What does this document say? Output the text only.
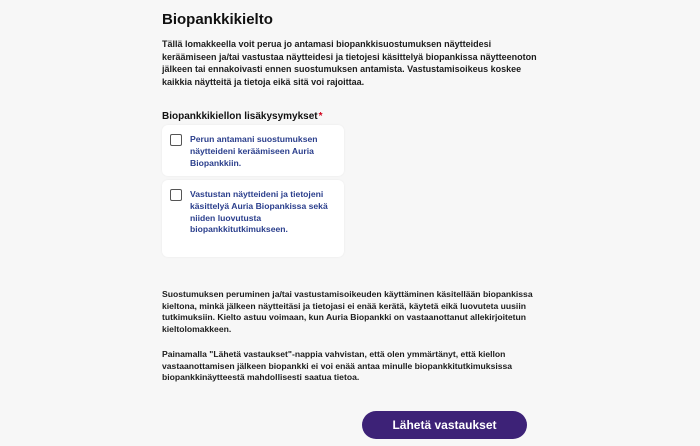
Biopankkikielto

Tällä lomakkeella voit perua jo antamasi biopankkisuostumuksen näytteidesi keräämiseen ja/tai vastustaa näytteidesi ja tietojesi käsittelyä biopankissa näytteenoton jälkeen tai ennakoivasti ennen suostumuksen antamista. Vastustamisoikeus koskee kaikkia näytteitä ja tietoja eikä sitä voi rajoittaa.

Biopankkikiellon lisäkysymykset*
Perun antamani suostumuksen näytteideni keräämiseen Auria Biopankkiin.
Vastustan näytteideni ja tietojeni käsittelyä Auria Biopankissa sekä niiden luovutusta biopankkitutkimukseen.

Suostumuksen peruminen ja/tai vastustamisoikeuden käyttäminen käsitellään biopankissa kieltona, minkä jälkeen näytteitäsi ja tietojasi ei enää kerätä, käytetä eikä luovuteta uusiin tutkimuksiin. Kielto astuu voimaan, kun Auria Biopankki on vastaanottanut allekirjoitetun kieltolomakkeen.

Painamalla "Lähetä vastaukset"-nappia vahvistan, että olen ymmärtänyt, että kiellon vastaanottamisen jälkeen biopankki ei voi enää antaa minulle biopankkitutkimuksissa biopankkinäytteestä mahdollisesti saatua tietoa.

Lähetä vastaukset
